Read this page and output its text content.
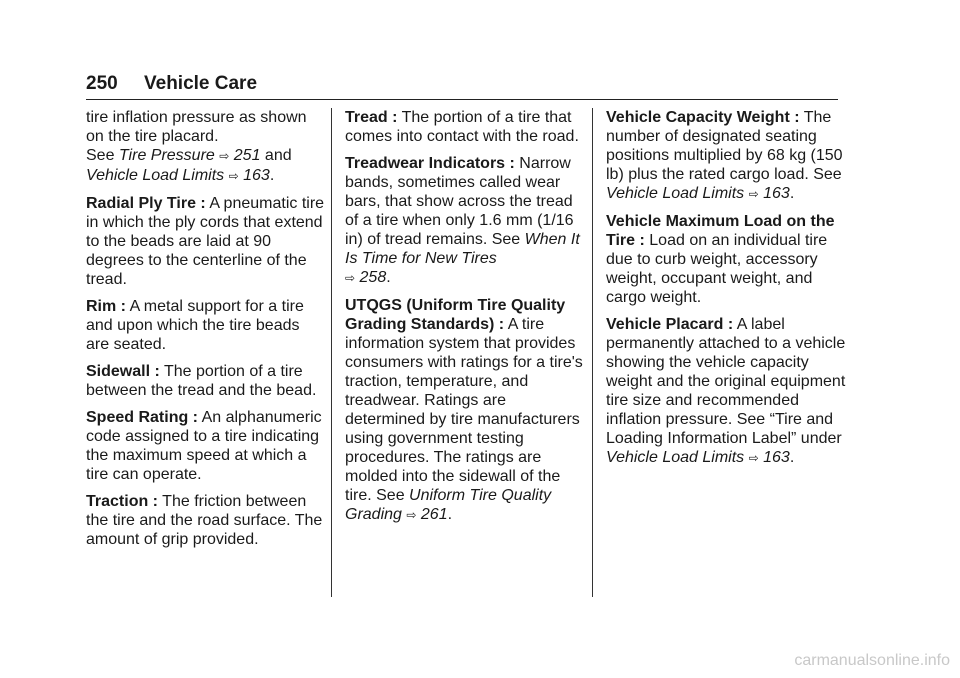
250 Vehicle Care

tire inflation pressure as shown on the tire placard.
See Tire Pressure ⇨ 251 and Vehicle Load Limits ⇨ 163.

Radial Ply Tire : A pneumatic tire in which the ply cords that extend to the beads are laid at 90 degrees to the centerline of the tread.

Rim : A metal support for a tire and upon which the tire beads are seated.

Sidewall : The portion of a tire between the tread and the bead.

Speed Rating : An alphanumeric code assigned to a tire indicating the maximum speed at which a tire can operate.

Traction : The friction between the tire and the road surface. The amount of grip provided.

Tread : The portion of a tire that comes into contact with the road.

Treadwear Indicators : Narrow bands, sometimes called wear bars, that show across the tread of a tire when only 1.6 mm (1/16 in) of tread remains. See When It Is Time for New Tires
⇨ 258.

UTQGS (Uniform Tire Quality Grading Standards) : A tire information system that provides consumers with ratings for a tire's traction, temperature, and treadwear. Ratings are determined by tire manufacturers using government testing procedures. The ratings are molded into the sidewall of the tire. See Uniform Tire Quality Grading ⇨ 261.

Vehicle Capacity Weight : The number of designated seating positions multiplied by 68 kg (150 lb) plus the rated cargo load. See Vehicle Load Limits ⇨ 163.

Vehicle Maximum Load on the Tire : Load on an individual tire due to curb weight, accessory weight, occupant weight, and cargo weight.

Vehicle Placard : A label permanently attached to a vehicle showing the vehicle capacity weight and the original equipment tire size and recommended inflation pressure. See “Tire and Loading Information Label” under Vehicle Load Limits ⇨ 163.

carmanualsonline.info
